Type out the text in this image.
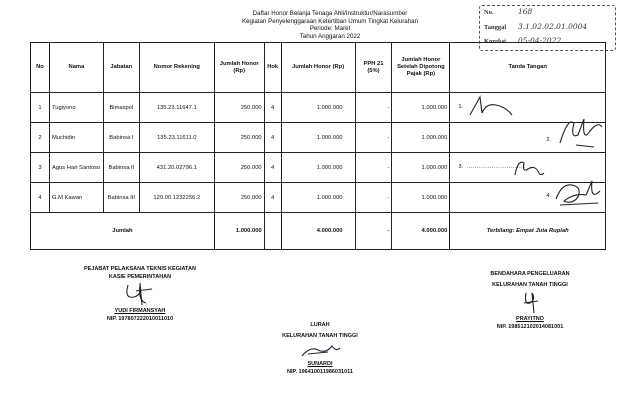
Daftar Honor Belanja Tenaga Ahli/Instruktur/Narasumber
Kegiatan Penyelenggaraan Ketertiban Umum Tingkat Kelurahan
Periode: Maret
Tahun Anggaran 2022
No.	168
Tanggal 3.1.02.02.01.0004
Koreksi 05-04-2022
No	Nama	Jabatan	Nomor Rekening	Jumlah Honor (Rp)	Hok	Jumlah Honor (Rp)	PPH 21 (5%)	Jumlah Honor Setelah Dipotong Pajak (Rp)	Tanda Tangan
1	Tugiyono	Bimaspol	135.23.11647.1	250.000	4	1.000.000	-	1.000.000	1.

2	Muchidin	Babinsa I	135.23.11611.0	250.000	4	1.000.000	-	1.000.000	2.

3	Agus Hari Santoso	Babinsa II	431.20.02796.1	250.000	4	1.000.000	-	1.000.000	3. ............................

4	G.M Kawan	Babinsa III	129.00.1232256.2	250.000	4	1.000.000	-	1.000.000	4.

Jumlah				1.000.000		4.000.000	-	4.000.000	Terbilang: Empat Juta Rupiah
PEJABAT PELAKSANA TEKNIS KEGIATAN
KASIE PEMERINTAHAN
YUDI FIRMANSYAH
NIP. 197807222010011010
BENDAHARA PENGELUARAN
KELURAHAN TANAH TINGGI
PRAYITNO
NIP. 198512102014081001
LURAH
KELURAHAN TANAH TINGGI
SUNARDI
NIP. 196410011986031011
